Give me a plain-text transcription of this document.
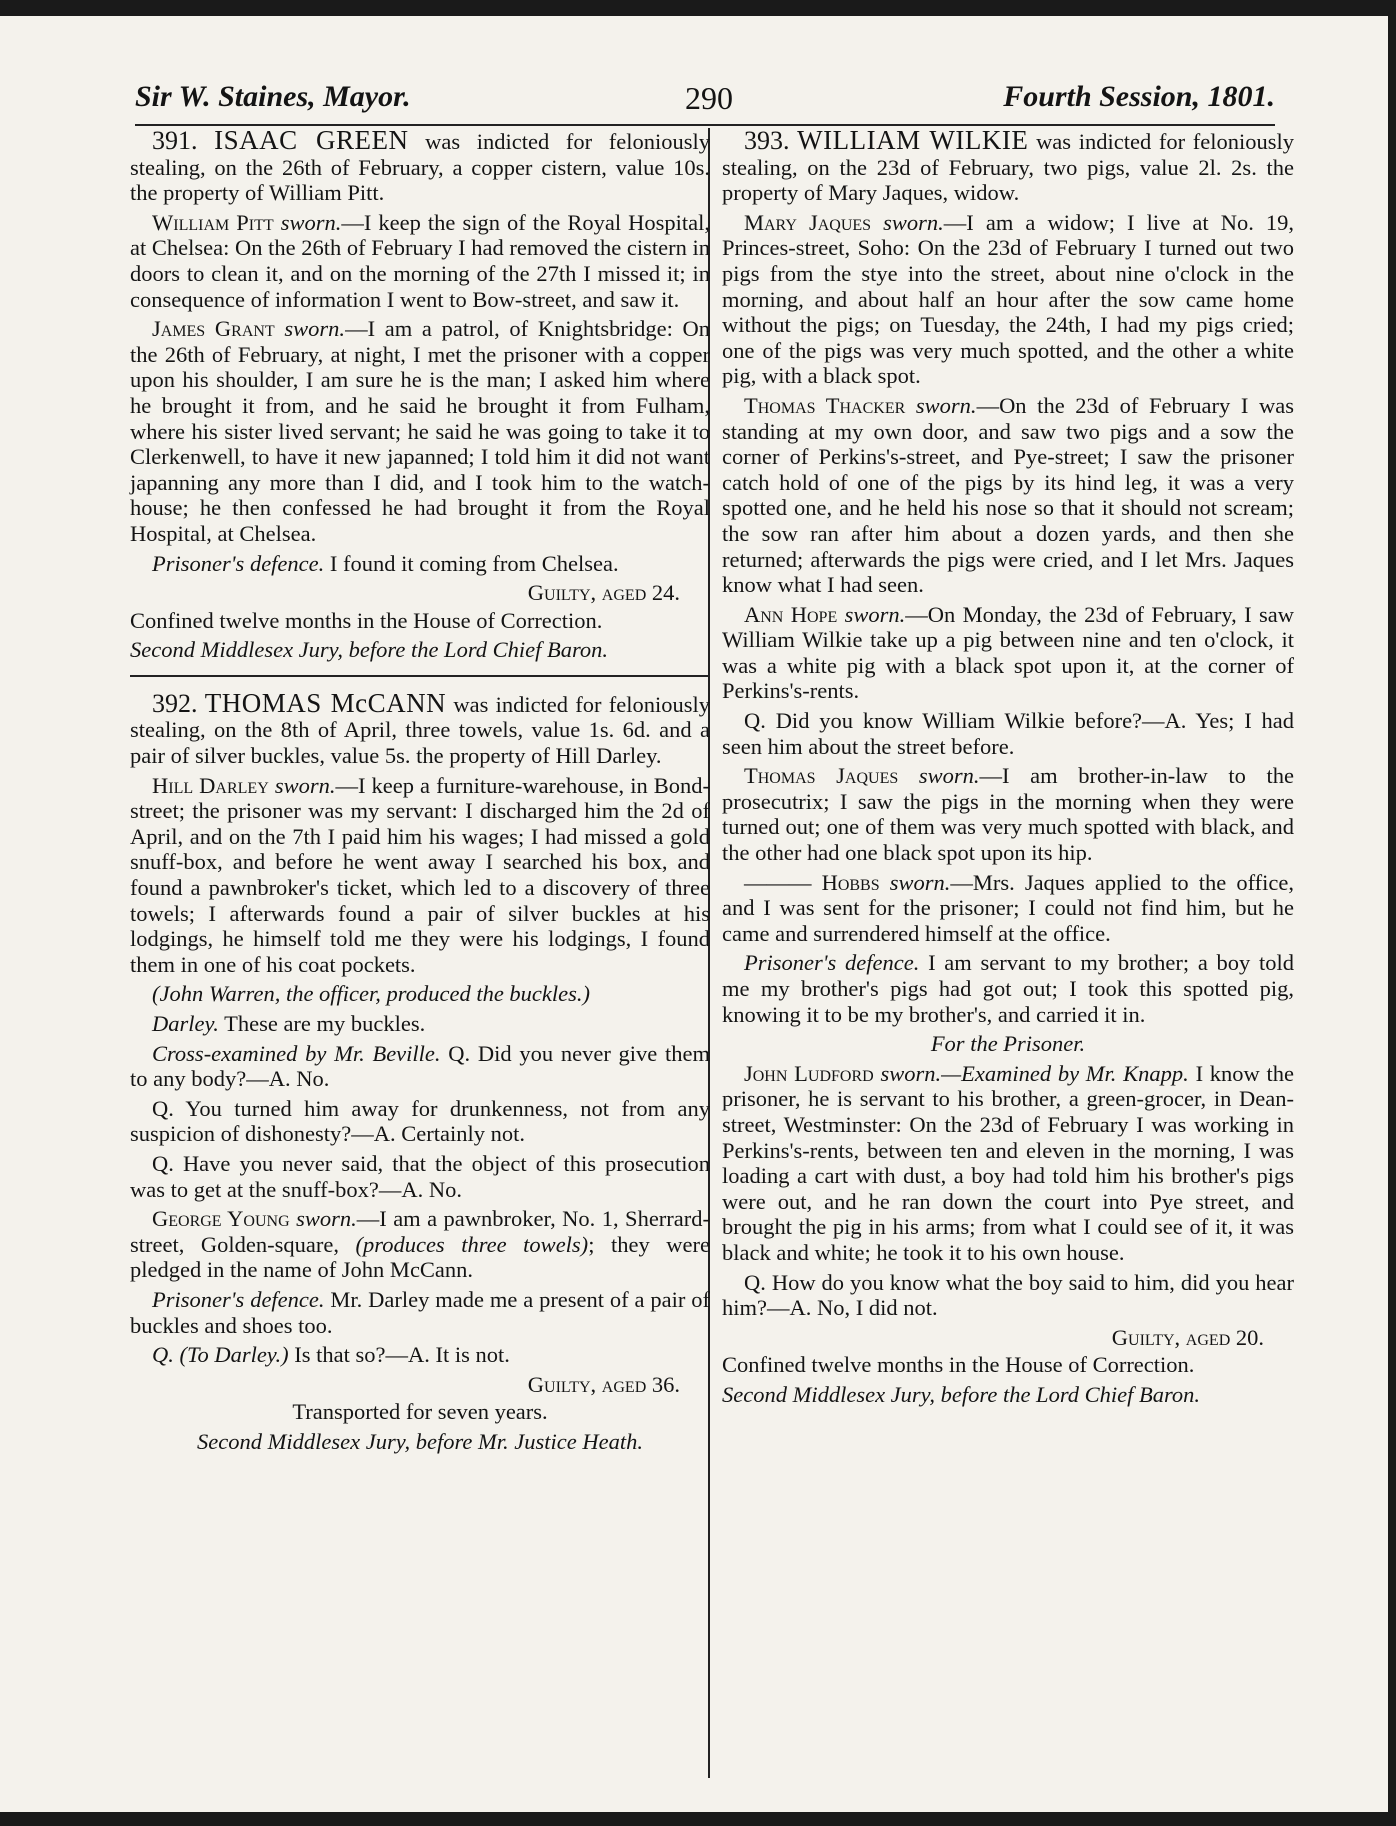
Sir W. Staines, Mayor.	290	Fourth Session, 1801.

391. ISAAC GREEN was indicted for feloniously stealing, on the 26th of February, a copper cistern, value 10s. the property of William Pitt.

William Pitt sworn.—I keep the sign of the Royal Hospital, at Chelsea: On the 26th of February I had removed the cistern in doors to clean it, and on the morning of the 27th I missed it; in consequence of information I went to Bow-street, and saw it.

James Grant sworn.—I am a patrol, of Knightsbridge: On the 26th of February, at night, I met the prisoner with a copper upon his shoulder, I am sure he is the man; I asked him where he brought it from, and he said he brought it from Fulham, where his sister lived servant; he said he was going to take it to Clerkenwell, to have it new japanned; I told him it did not want japanning any more than I did, and I took him to the watch-house; he then confessed he had brought it from the Royal Hospital, at Chelsea.

Prisoner's defence. I found it coming from Chelsea.

Guilty, aged 24.

Confined twelve months in the House of Correction.

Second Middlesex Jury, before the Lord Chief Baron.

392. THOMAS McCANN was indicted for feloniously stealing, on the 8th of April, three towels, value 1s. 6d. and a pair of silver buckles, value 5s. the property of Hill Darley.

Hill Darley sworn.—I keep a furniture-warehouse, in Bond-street; the prisoner was my servant: I discharged him the 2d of April, and on the 7th I paid him his wages; I had missed a gold snuff-box, and before he went away I searched his box, and found a pawnbroker's ticket, which led to a discovery of three towels; I afterwards found a pair of silver buckles at his lodgings, he himself told me they were his lodgings, I found them in one of his coat pockets.

(John Warren, the officer, produced the buckles.)

Darley. These are my buckles.

Cross-examined by Mr. Beville. Q. Did you never give them to any body?—A. No.

Q. You turned him away for drunkenness, not from any suspicion of dishonesty?—A. Certainly not.

Q. Have you never said, that the object of this prosecution was to get at the snuff-box?—A. No.

George Young sworn.—I am a pawnbroker, No. 1, Sherrard-street, Golden-square, (produces three towels); they were pledged in the name of John McCann.

Prisoner's defence. Mr. Darley made me a present of a pair of buckles and shoes too.

Q. (To Darley.) Is that so?—A. It is not.

Guilty, aged 36.

Transported for seven years.

Second Middlesex Jury, before Mr. Justice Heath.

393. WILLIAM WILKIE was indicted for feloniously stealing, on the 23d of February, two pigs, value 2l. 2s. the property of Mary Jaques, widow.

Mary Jaques sworn.—I am a widow; I live at No. 19, Princes-street, Soho: On the 23d of February I turned out two pigs from the stye into the street, about nine o'clock in the morning, and about half an hour after the sow came home without the pigs; on Tuesday, the 24th, I had my pigs cried; one of the pigs was very much spotted, and the other a white pig, with a black spot.

Thomas Thacker sworn.—On the 23d of February I was standing at my own door, and saw two pigs and a sow the corner of Perkins's-street, and Pye-street; I saw the prisoner catch hold of one of the pigs by its hind leg, it was a very spotted one, and he held his nose so that it should not scream; the sow ran after him about a dozen yards, and then she returned; afterwards the pigs were cried, and I let Mrs. Jaques know what I had seen.

Ann Hope sworn.—On Monday, the 23d of February, I saw William Wilkie take up a pig between nine and ten o'clock, it was a white pig with a black spot upon it, at the corner of Perkins's-rents.

Q. Did you know William Wilkie before?—A. Yes; I had seen him about the street before.

Thomas Jaques sworn.—I am brother-in-law to the prosecutrix; I saw the pigs in the morning when they were turned out; one of them was very much spotted with black, and the other had one black spot upon its hip.

——— Hobbs sworn.—Mrs. Jaques applied to the office, and I was sent for the prisoner; I could not find him, but he came and surrendered himself at the office.

Prisoner's defence. I am servant to my brother; a boy told me my brother's pigs had got out; I took this spotted pig, knowing it to be my brother's, and carried it in.

For the Prisoner.

John Ludford sworn.—Examined by Mr. Knapp. I know the prisoner, he is servant to his brother, a green-grocer, in Dean-street, Westminster: On the 23d of February I was working in Perkins's-rents, between ten and eleven in the morning, I was loading a cart with dust, a boy had told him his brother's pigs were out, and he ran down the court into Pye street, and brought the pig in his arms; from what I could see of it, it was black and white; he took it to his own house.

Q. How do you know what the boy said to him, did you hear him?—A. No, I did not.

Guilty, aged 20.

Confined twelve months in the House of Correction.

Second Middlesex Jury, before the Lord Chief Baron.
